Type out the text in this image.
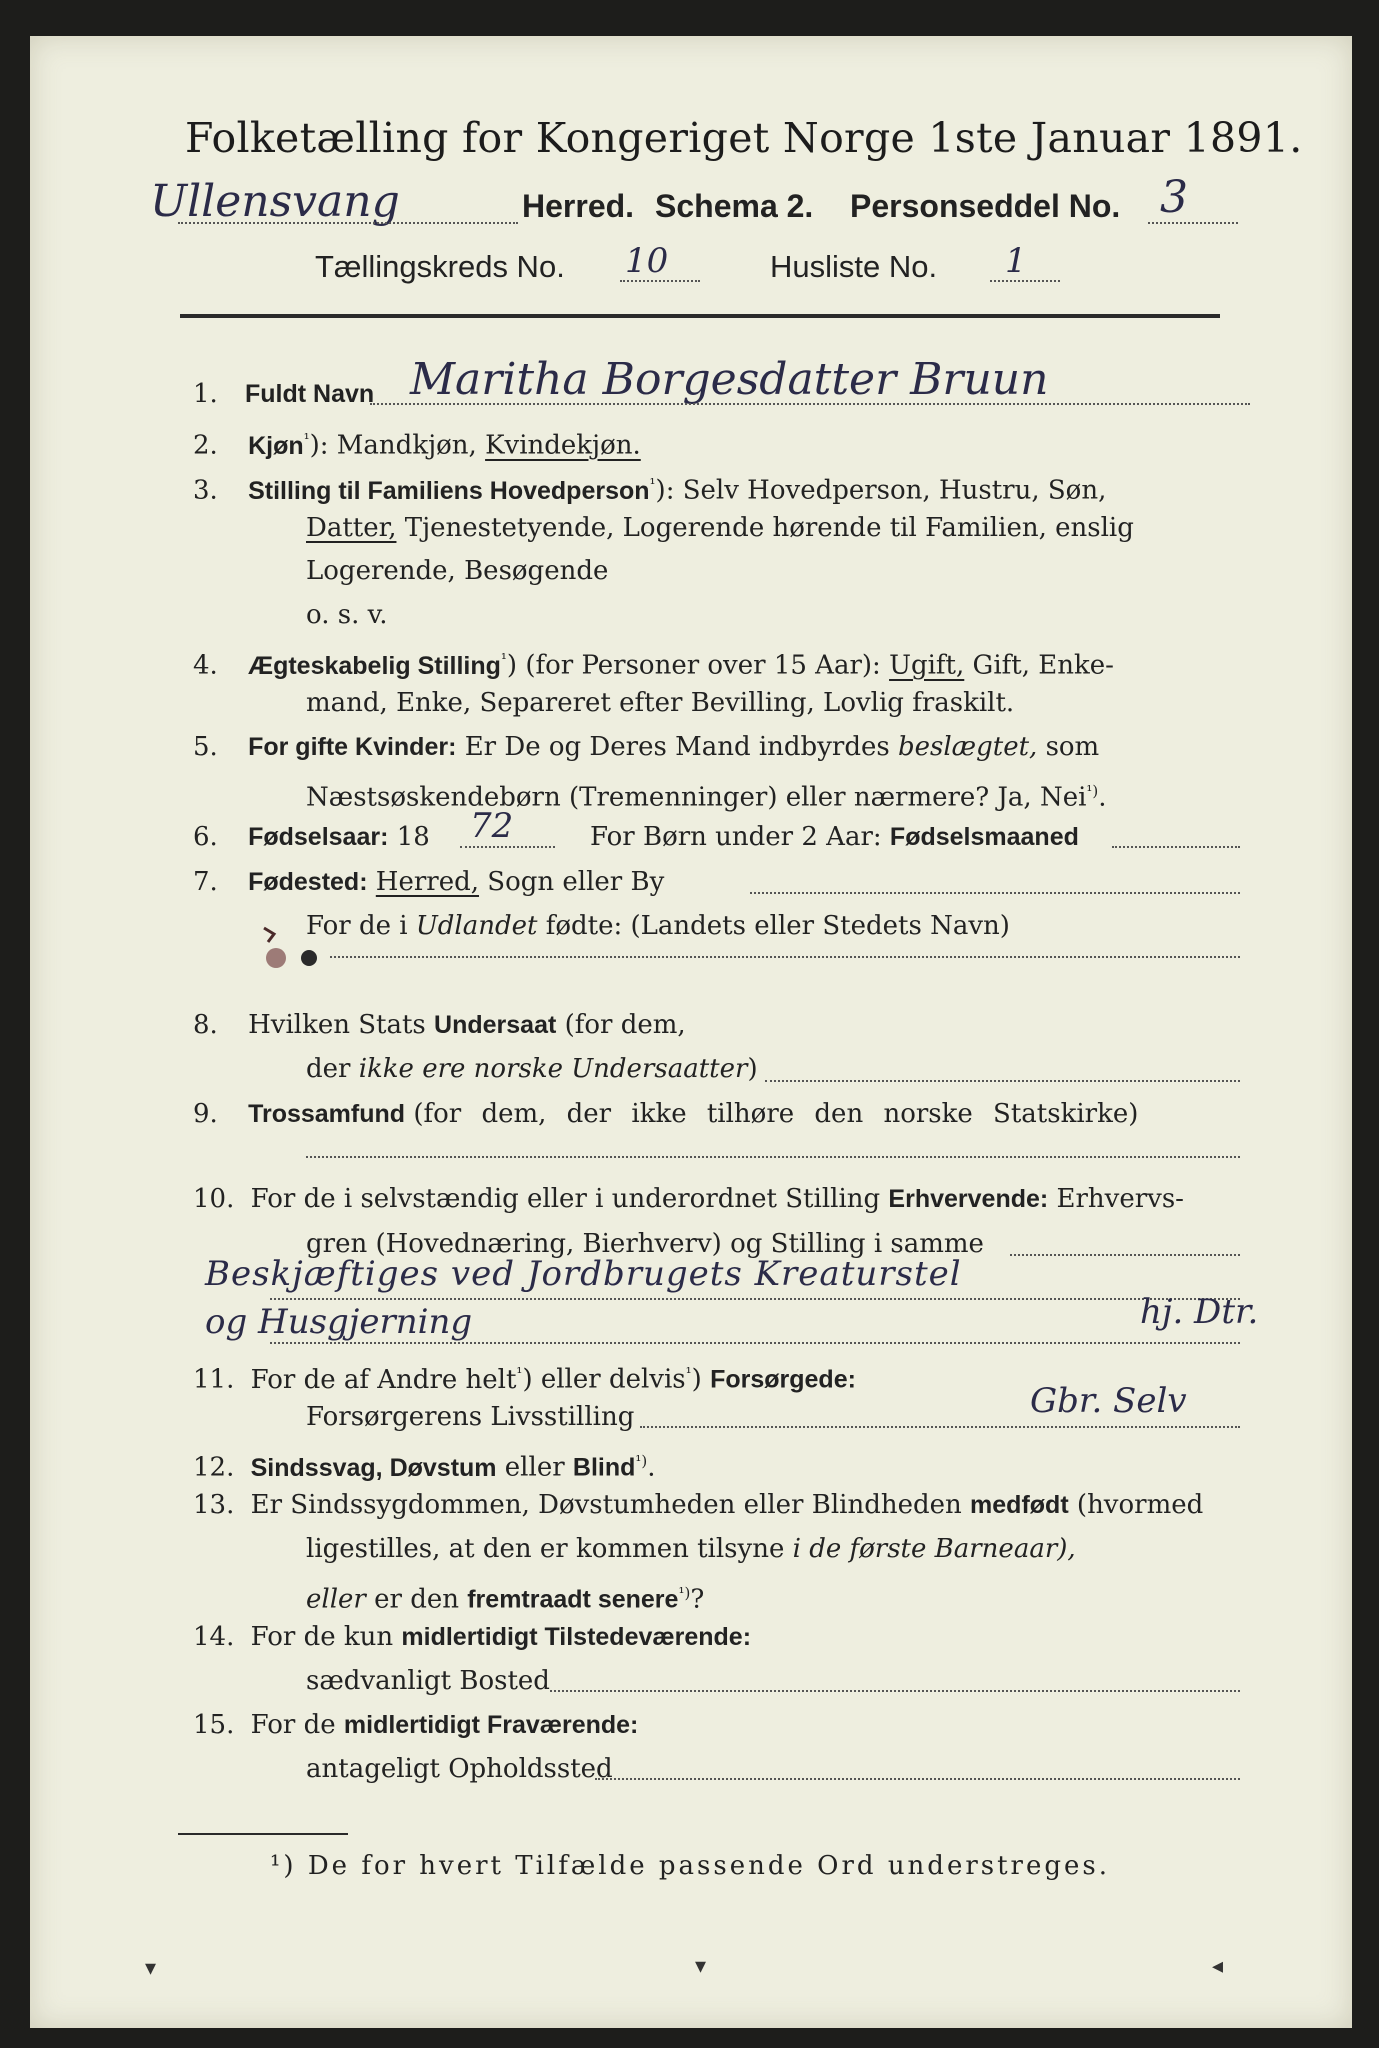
Folketælling for Kongeriget Norge 1ste Januar 1891.
Ullensvang	Herred. Schema 2. Personseddel No. 3
Tællingskreds No. 10	Husliste No. 1
1. Fuldt Navn Maritha Borgesdatter Bruun
2. Kjøn$^{^1}$): Mandkjøn, Kvindekjøn.
3. Stilling til Familiens Hovedperson$^{^1}$): Selv Hovedperson, Hustru, Søn,
Datter, Tjenestetyende, Logerende hørende til Familien, enslig
Logerende, Besøgende
o. s. v.
4. Ægteskabelig Stilling$^{^1}$) (for Personer over 15 Aar): Ugift, Gift, Enke-
mand, Enke, Separeret efter Bevilling, Lovlig fraskilt.
5. For gifte Kvinder: Er De og Deres Mand indbyrdes beslægtet, som
Næstsøskendebørn (Tremenninger) eller nærmere? Ja, Nei$^{^1)}$.
6. Fødselsaar: 18 72	For Børn under 2 Aar: Fødselsmaaned
7. Fødested: Herred, Sogn eller By
For de i Udlandet fødte: (Landets eller Stedets Navn)
8. Hvilken Stats Undersaat (for dem,
der ikke ere norske Undersaatter)
9. Trossamfund (for dem, der ikke tilhøre den norske Statskirke)
10. For de i selvstændig eller i underordnet Stilling Erhvervende: Erhvervs-
gren (Hovednæring, Bierhverv) og Stilling i samme
Beskjæftiges ved Jordbrugets Kreaturstel
og Husgjerning	hj. Dtr.
11. For de af Andre helt$^{^1}$) eller delvis$^{^1}$) Forsørgede:
Forsørgerens Livsstilling	Gbr. Selv
12. Sindssvag, Døvstum eller Blind$^{^1)}$.
13. Er Sindssygdommen, Døvstumheden eller Blindheden medfødt (hvormed
ligestilles, at den er kommen tilsyne i de første Barneaar),
eller er den fremtraadt senere$^{^1)}$?
14. For de kun midlertidigt Tilstedeværende:
sædvanligt Bosted
15. For de midlertidigt Fraværende:
antageligt Opholdssted
¹) De for hvert Tilfælde passende Ord understreges.
▾	▾	◂
